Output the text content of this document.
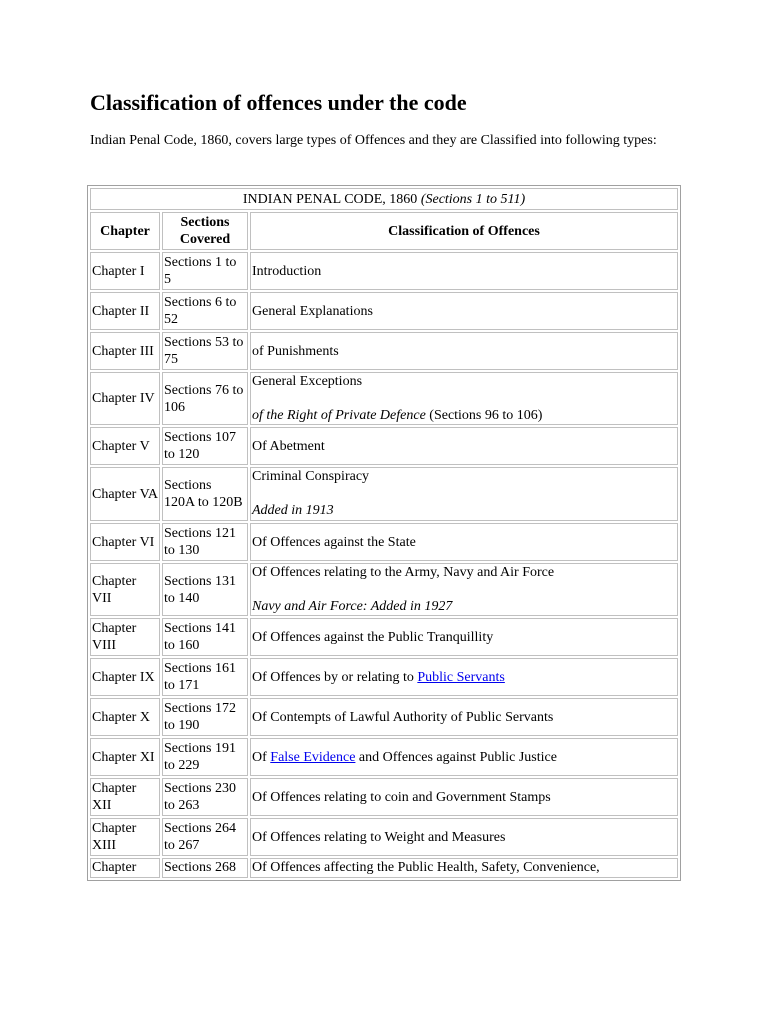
Classification of offences under the code

Indian Penal Code, 1860, covers large types of Offences and they are Classified into following types:

INDIAN PENAL CODE, 1860 (Sections 1 to 511)		
Chapter	Sections Covered	Classification of Offences
Chapter I	Sections 1 to 5	Introduction
Chapter II	Sections 6 to 52	General Explanations
Chapter III	Sections 53 to 75	of Punishments
Chapter IV	Sections 76 to 106	General Exceptions
of the Right of Private Defence (Sections 96 to 106)

Chapter V	Sections 107 to 120	Of Abetment
Chapter VA	Sections 120A to 120B	Criminal Conspiracy
Added in 1913

Chapter VI	Sections 121 to 130	Of Offences against the State
Chapter VII	Sections 131 to 140	Of Offences relating to the Army, Navy and Air Force
Navy and Air Force: Added in 1927

Chapter VIII	Sections 141 to 160	Of Offences against the Public Tranquillity
Chapter IX	Sections 161 to 171	Of Offences by or relating to Public Servants
Chapter X	Sections 172 to 190	Of Contempts of Lawful Authority of Public Servants
Chapter XI	Sections 191 to 229	Of False Evidence and Offences against Public Justice
Chapter XII	Sections 230 to 263	Of Offences relating to coin and Government Stamps
Chapter XIII	Sections 264 to 267	Of Offences relating to Weight and Measures
Chapter	Sections 268	Of Offences affecting the Public Health, Safety, Convenience,
